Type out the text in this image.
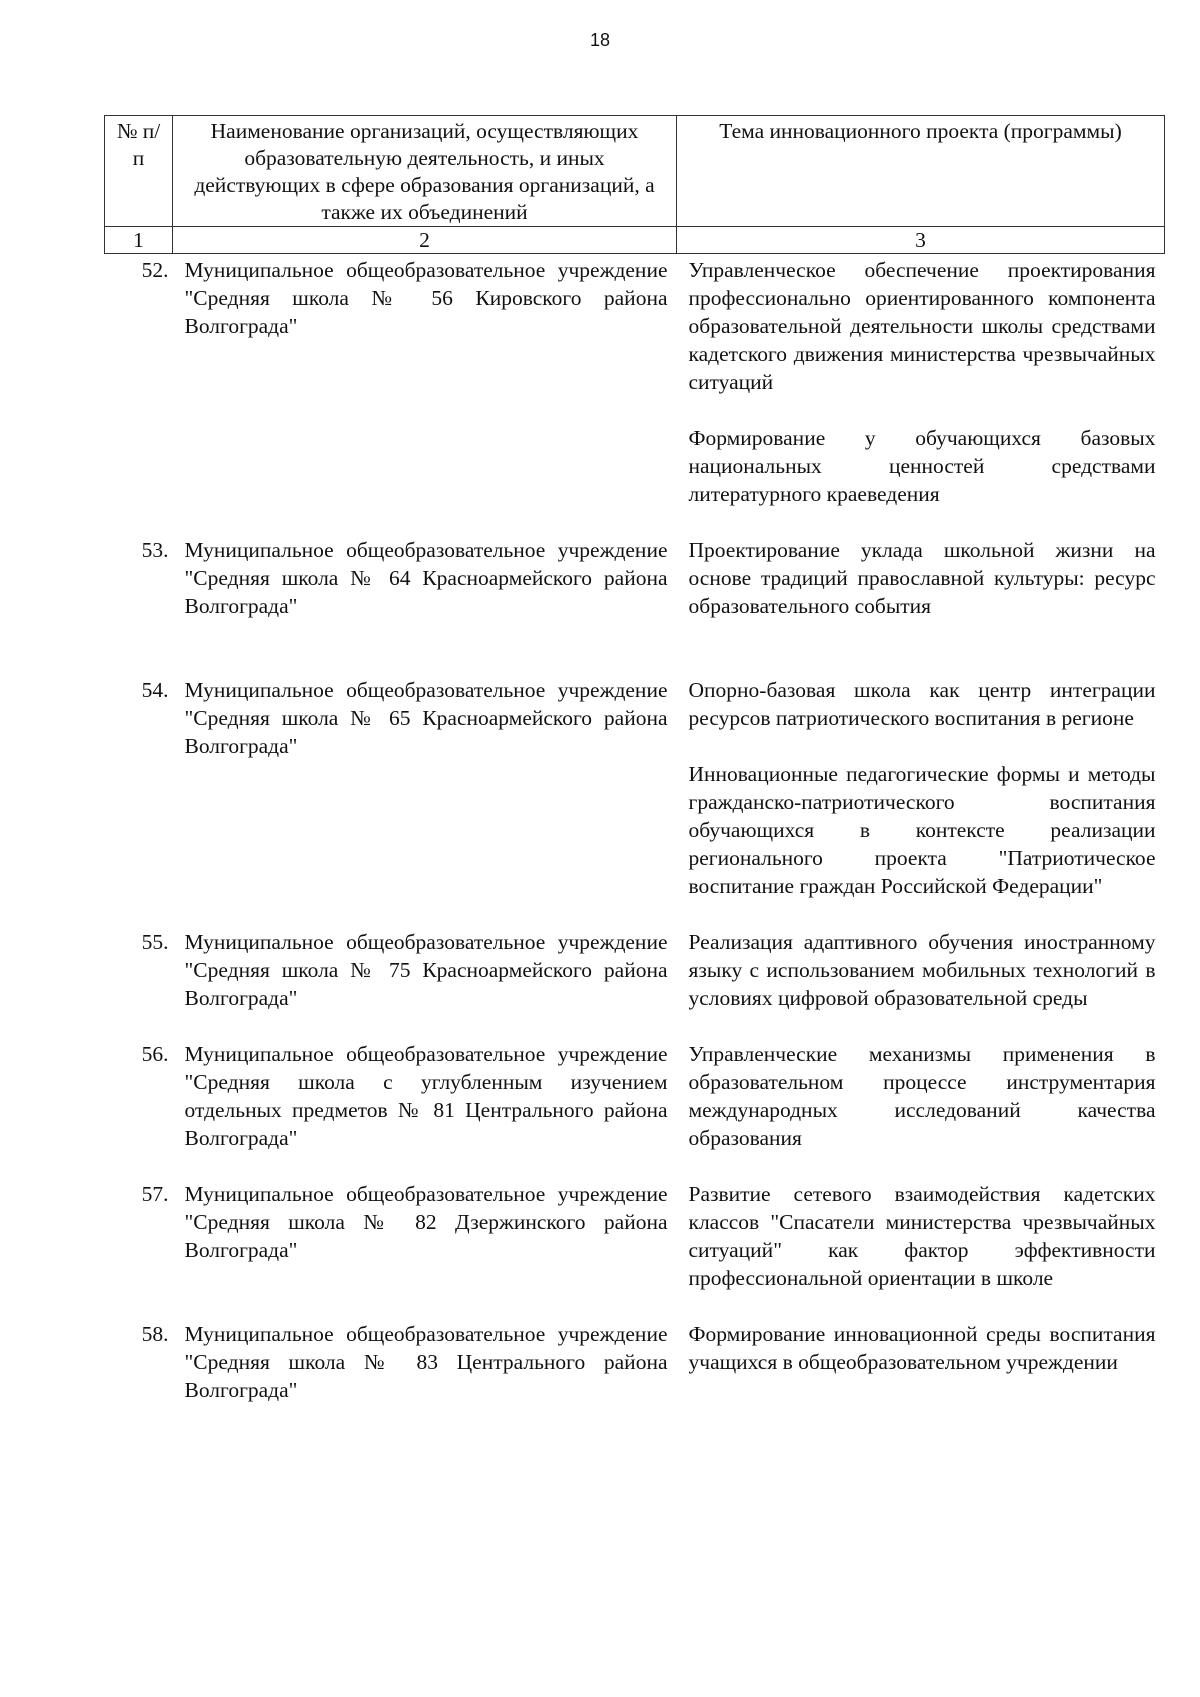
18
№ п/п	Наименование организаций, осуществляющих образовательную деятельность, и иных действующих в сфере образования организаций, а также их объединений	Тема инновационного проекта (программы)
1	2	3
52.	Муниципальное общеобразовательное учреждение "Средняя школа № 56 Кировского района Волгограда"	Управленческое обеспечение проектирования профессионально ориентированного компонента образовательной деятельности школы средствами кадетского движения министерства чрезвычайных ситуаций

Формирование у обучающихся базовых национальных ценностей средствами литературного краеведения

53.	Муниципальное общеобразовательное учреждение "Средняя школа № 64 Красноармейского района Волгограда"	Проектирование уклада школьной жизни на основе традиций православной культуры: ресурс образовательного события

54.	Муниципальное общеобразовательное учреждение "Средняя школа № 65 Красноармейского района Волгограда"	Опорно-базовая школа как центр интеграции ресурсов патриотического воспитания в регионе

Инновационные педагогические формы и методы гражданско-патриотического воспитания обучающихся в контексте реализации регионального проекта "Патриотическое воспитание граждан Российской Федерации"

55.	Муниципальное общеобразовательное учреждение "Средняя школа № 75 Красноармейского района Волгограда"	Реализация адаптивного обучения иностранному языку с использованием мобильных технологий в условиях цифровой образовательной среды

56.	Муниципальное общеобразовательное учреждение "Средняя школа с углубленным изучением отдельных предметов № 81 Центрального района Волгограда"	Управленческие механизмы применения в образовательном процессе инструментария международных исследований качества образования

57.	Муниципальное общеобразовательное учреждение "Средняя школа № 82 Дзержинского района Волгограда"	Развитие сетевого взаимодействия кадетских классов "Спасатели министерства чрезвычайных ситуаций" как фактор эффективности профессиональной ориентации в школе

58.	Муниципальное общеобразовательное учреждение "Средняя школа № 83 Центрального района Волгограда"	Формирование инновационной среды воспитания учащихся в общеобразовательном учреждении
